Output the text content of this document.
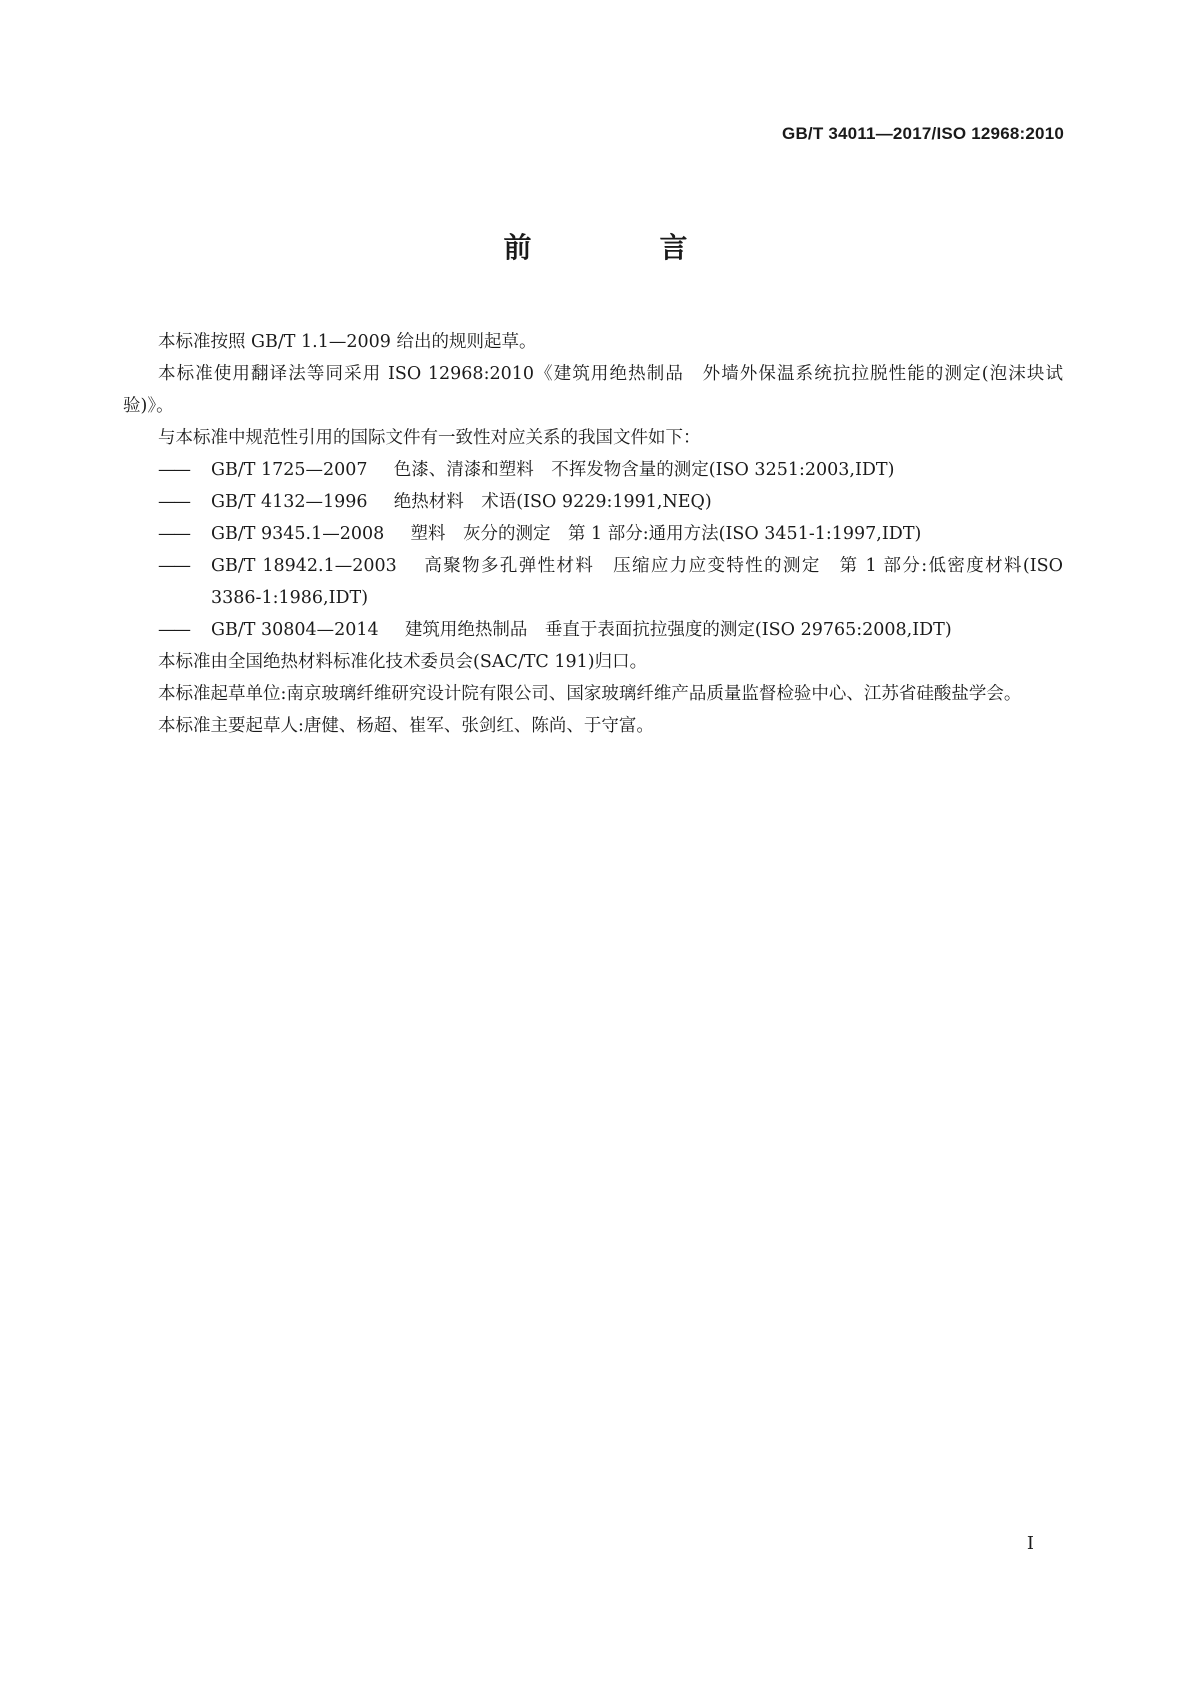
GB/T 34011—2017/ISO 12968:2010
前　言

本标准按照 GB/T 1.1—2009 给出的规则起草。

本标准使用翻译法等同采用 ISO 12968:2010《建筑用绝热制品　外墙外保温系统抗拉脱性能的测定(泡沫块试验)》。

与本标准中规范性引用的国际文件有一致性对应关系的我国文件如下：

—— GB/T 1725—2007 色漆、清漆和塑料　不挥发物含量的测定(ISO 3251:2003,IDT)

—— GB/T 4132—1996 绝热材料　术语(ISO 9229:1991,NEQ)

—— GB/T 9345.1—2008 塑料　灰分的测定　第 1 部分:通用方法(ISO 3451-1:1997,IDT)

—— GB/T 18942.1—2003 高聚物多孔弹性材料　压缩应力应变特性的测定　第 1 部分:低密度材料(ISO 3386-1:1986,IDT)

—— GB/T 30804—2014 建筑用绝热制品　垂直于表面抗拉强度的测定(ISO 29765:2008,IDT)

本标准由全国绝热材料标准化技术委员会(SAC/TC 191)归口。

本标准起草单位:南京玻璃纤维研究设计院有限公司、国家玻璃纤维产品质量监督检验中心、江苏省硅酸盐学会。

本标准主要起草人:唐健、杨超、崔军、张剑红、陈尚、于守富。

I
